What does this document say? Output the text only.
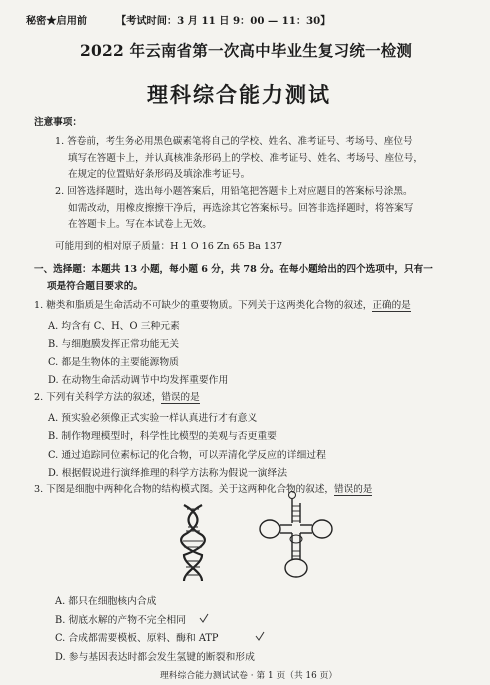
秘密★启用前	【考试时间：3 月 11 日 9：00 — 11：30】
2022 年云南省第一次高中毕业生复习统一检测
理科综合能力测试
注意事项：
1. 答卷前，考生务必用黑色碳素笔将自己的学校、姓名、准考证号、考场号、座位号
填写在答题卡上，并认真核准条形码上的学校、准考证号、姓名、考场号、座位号，
在规定的位置贴好条形码及填涂准考证号。
2. 回答选择题时，选出每小题答案后，用铅笔把答题卡上对应题目的答案标号涂黑。
如需改动，用橡皮擦擦干净后，再选涂其它答案标号。回答非选择题时，将答案写
在答题卡上。写在本试卷上无效。
可能用到的相对原子质量：H 1 O 16 Zn 65 Ba 137
一、选择题：本题共 13 小题，每小题 6 分，共 78 分。在每小题给出的四个选项中，只有一
项是符合题目要求的。
1. 糖类和脂质是生命活动不可缺少的重要物质。下列关于这两类化合物的叙述，正确的是
A. 均含有 C、H、O 三种元素
B. 与细胞膜发挥正常功能无关
C. 都是生物体的主要能源物质
D. 在动物生命活动调节中均发挥重要作用
2. 下列有关科学方法的叙述，错误的是
A. 预实验必须像正式实验一样认真进行才有意义
B. 制作物理模型时，科学性比模型的美观与否更重要
C. 通过追踪同位素标记的化合物，可以弄清化学反应的详细过程
D. 根据假说进行演绎推理的科学方法称为假说一演绎法
3. 下图是细胞中两种化合物的结构模式图。关于这两种化合物的叙述，错误的是
A. 都只在细胞核内合成
B. 彻底水解的产物不完全相同
C. 合成都需要模板、原料、酶和 ATP
D. 参与基因表达时都会发生氢键的断裂和形成
理科综合能力测试试卷 · 第 1 页（共 16 页）
